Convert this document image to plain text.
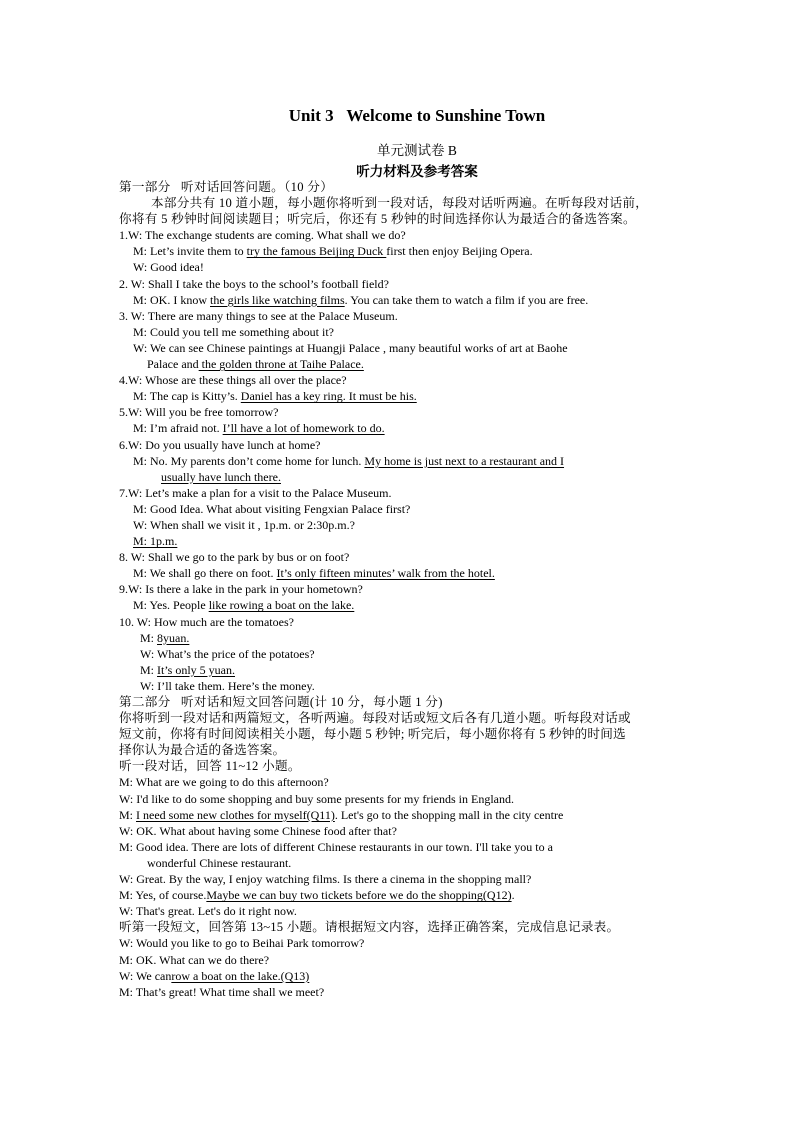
Unit 3   Welcome to Sunshine Town
单元测试卷 B
听力材料及参考答案
第一部分   听对话回答问题。（10 分）
本部分共有 10 道小题，每小题你将听到一段对话，每段对话听两遍。在听每段对话前，
你将有 5 秒钟时间阅读题目；听完后，你还有 5 秒钟的时间选择你认为最适合的备选答案。
1.W: The exchange students are coming. What shall we do?
M: Let’s invite them to try the famous Beijing Duck first then enjoy Beijing Opera.
W: Good idea!
2. W: Shall I take the boys to the school’s football field?
M: OK. I know the girls like watching films. You can take them to watch a film if you are free.
3. W: There are many things to see at the Palace Museum.
M: Could you tell me something about it?
W: We can see Chinese paintings at Huangji Palace , many beautiful works of art at Baohe
Palace and the golden throne at Taihe Palace.
4.W: Whose are these things all over the place?
M: The cap is Kitty’s. Daniel has a key ring. It must be his.
5.W: Will you be free tomorrow?
M: I’m afraid not. I’ll have a lot of homework to do.
6.W: Do you usually have lunch at home?
M: No. My parents don’t come home for lunch. My home is just next to a restaurant and I
usually have lunch there.
7.W: Let’s make a plan for a visit to the Palace Museum.
M: Good Idea. What about visiting Fengxian Palace first?
W: When shall we visit it , 1p.m. or 2:30p.m.?
M: 1p.m.
8. W: Shall we go to the park by bus or on foot?
M: We shall go there on foot. It’s only fifteen minutes’ walk from the hotel.
9.W: Is there a lake in the park in your hometown?
M: Yes. People like rowing a boat on the lake.
10. W: How much are the tomatoes?
M: 8yuan.
W: What’s the price of the potatoes?
M: It’s only 5 yuan.
W: I’ll take them. Here’s the money.
第二部分   听对话和短文回答问题(计 10 分，每小题 1 分)
你将听到一段对话和两篇短文，各听两遍。每段对话或短文后各有几道小题。听每段对话或
短文前，你将有时间阅读相关小题，每小题 5 秒钟; 听完后，每小题你将有 5 秒钟的时间选
择你认为最合适的备选答案。
听一段对话，回答 11~12 小题。
M: What are we going to do this afternoon?
W: I'd like to do some shopping and buy some presents for my friends in England.
M: I need some new clothes for myself(Q11). Let's go to the shopping mall in the city centre
W: OK. What about having some Chinese food after that?
M: Good idea. There are lots of different Chinese restaurants in our town. I'll take you to a
wonderful Chinese restaurant.
W: Great. By the way, I enjoy watching films. Is there a cinema in the shopping mall?
M: Yes, of course.Maybe we can buy two tickets before we do the shopping(Q12).
W: That's great. Let's do it right now.
听第一段短文，回答第 13~15 小题。请根据短文内容，选择正确答案，完成信息记录表。
W: Would you like to go to Beihai Park tomorrow?
M: OK. What can we do there?
W: We canrow a boat on the lake.(Q13)
M: That’s great! What time shall we meet?
